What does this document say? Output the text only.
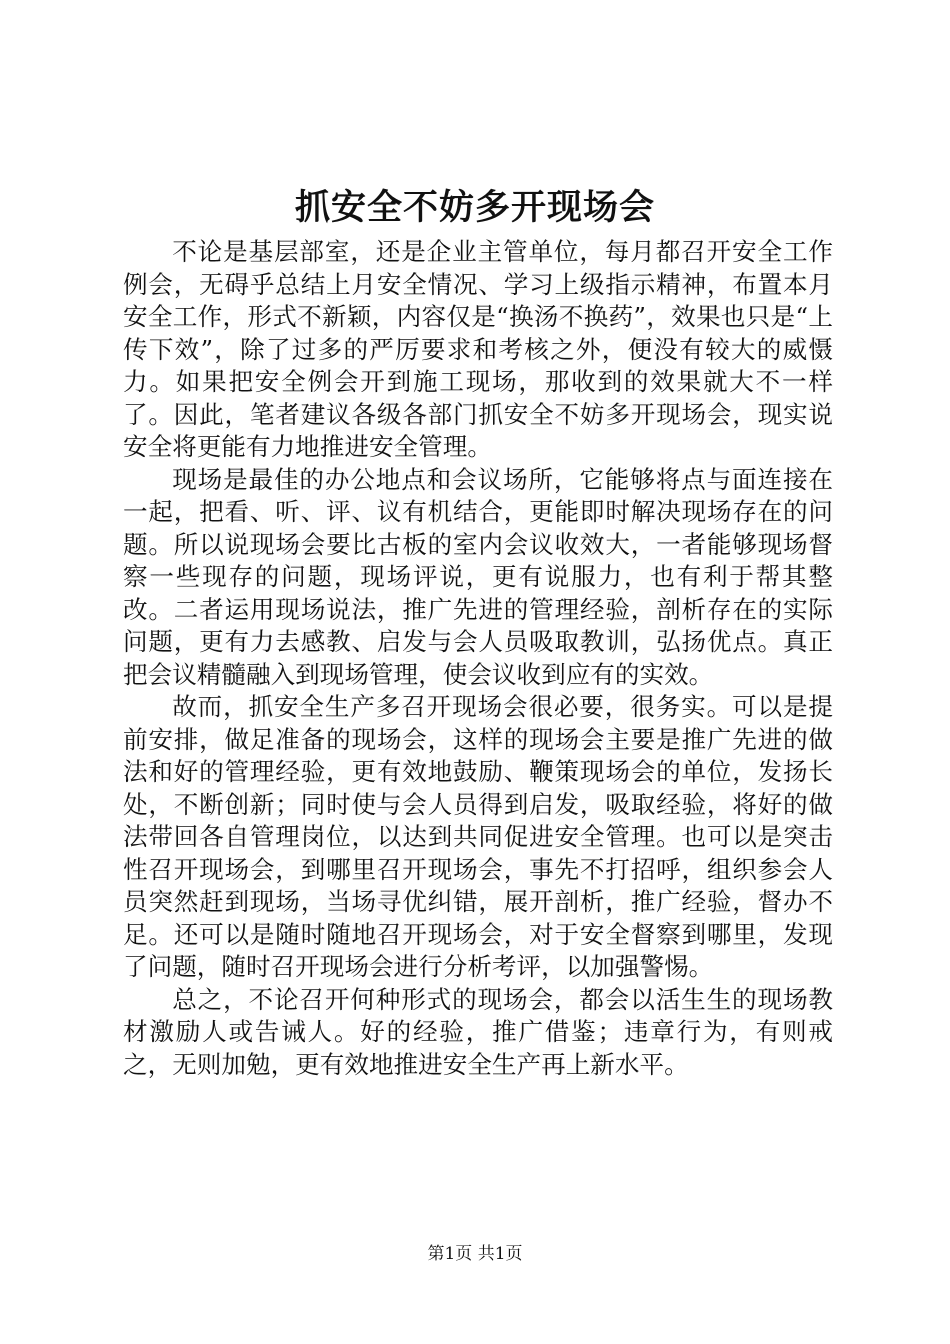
抓安全不妨多开现场会

不论是基层部室，还是企业主管单位，每月都召开安全工作例会，无碍乎总结上月安全情况、学习上级指示精神，布置本月安全工作，形式不新颖，内容仅是“换汤不换药”，效果也只是“上传下效”，除了过多的严厉要求和考核之外，便没有较大的威慑力。如果把安全例会开到施工现场，那收到的效果就大不一样了。因此，笔者建议各级各部门抓安全不妨多开现场会，现实说安全将更能有力地推进安全管理。

现场是最佳的办公地点和会议场所，它能够将点与面连接在一起，把看、听、评、议有机结合，更能即时解决现场存在的问题。所以说现场会要比古板的室内会议收效大，一者能够现场督察一些现存的问题，现场评说，更有说服力，也有利于帮其整改。二者运用现场说法，推广先进的管理经验，剖析存在的实际问题，更有力去感教、启发与会人员吸取教训，弘扬优点。真正把会议精髓融入到现场管理，使会议收到应有的实效。

故而，抓安全生产多召开现场会很必要，很务实。可以是提前安排，做足准备的现场会，这样的现场会主要是推广先进的做法和好的管理经验，更有效地鼓励、鞭策现场会的单位，发扬长处，不断创新；同时使与会人员得到启发，吸取经验，将好的做法带回各自管理岗位，以达到共同促进安全管理。也可以是突击性召开现场会，到哪里召开现场会，事先不打招呼，组织参会人员突然赶到现场，当场寻优纠错，展开剖析，推广经验，督办不足。还可以是随时随地召开现场会，对于安全督察到哪里，发现了问题，随时召开现场会进行分析考评，以加强警惕。

总之，不论召开何种形式的现场会，都会以活生生的现场教材激励人或告诫人。好的经验，推广借鉴；违章行为，有则戒之，无则加勉，更有效地推进安全生产再上新水平。

第1页 共1页
